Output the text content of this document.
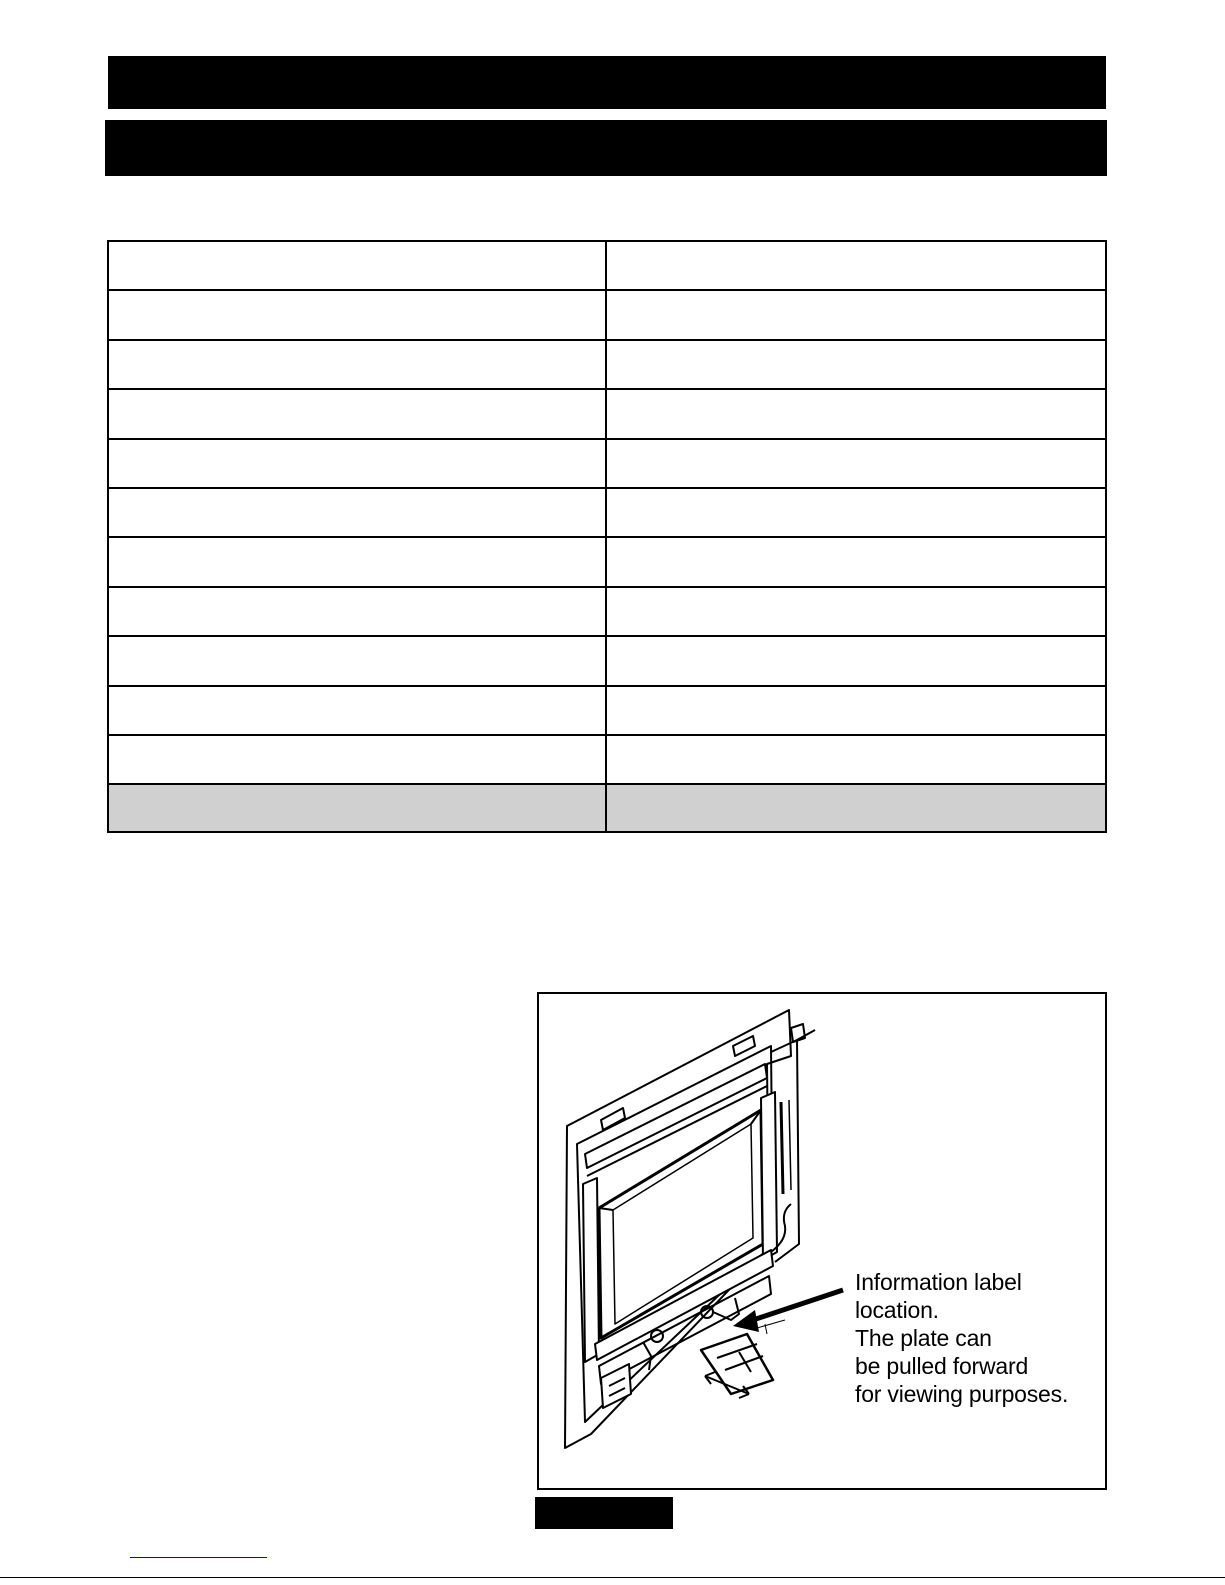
Information label
location.
The plate can
be pulled forward
for viewing purposes.
